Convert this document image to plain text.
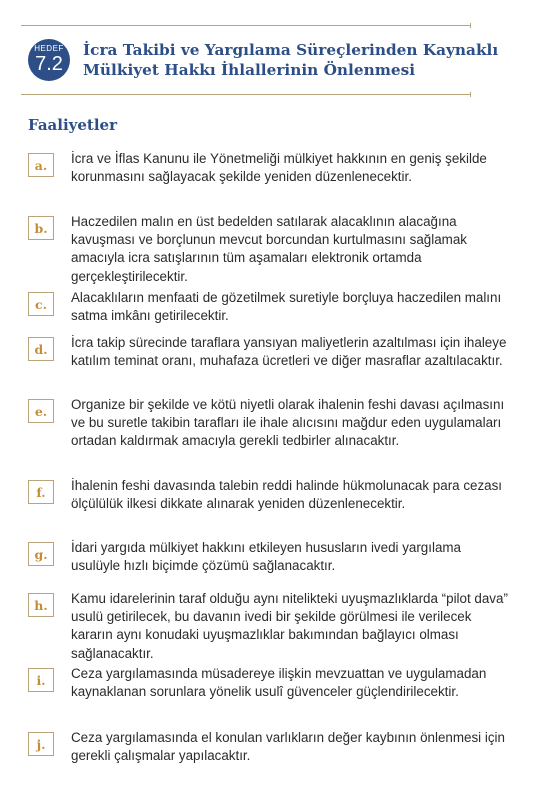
HEDEF
7.2
İcra Takibi ve Yargılama Süreçlerinden Kaynaklı Mülkiyet Hakkı İhlallerinin Önlenmesi
Faaliyetler
a.	İcra ve İflas Kanunu ile Yönetmeliği mülkiyet hakkının en geniş şekilde korunmasını sağlayacak şekilde yeniden düzenlenecektir.
b.	Haczedilen malın en üst bedelden satılarak alacaklının alacağına kavuşması ve borçlunun mevcut borcundan kurtulmasını sağlamak amacıyla icra satışlarının tüm aşamaları elektronik ortamda gerçekleştirilecektir.
c.	Alacaklıların menfaati de gözetilmek suretiyle borçluya haczedilen malını satma imkânı getirilecektir.
d.	İcra takip sürecinde taraflara yansıyan maliyetlerin azaltılması için ihaleye katılım teminat oranı, muhafaza ücretleri ve diğer masraflar azaltılacaktır.
e.	Organize bir şekilde ve kötü niyetli olarak ihalenin feshi davası açılmasını ve bu suretle takibin tarafları ile ihale alıcısını mağdur eden uygulamaları ortadan kaldırmak amacıyla gerekli tedbirler alınacaktır.
f.	İhalenin feshi davasında talebin reddi halinde hükmolunacak para cezası ölçülülük ilkesi dikkate alınarak yeniden düzenlenecektir.
g.	İdari yargıda mülkiyet hakkını etkileyen hususların ivedi yargılama usulüyle hızlı biçimde çözümü sağlanacaktır.
h.	Kamu idarelerinin taraf olduğu aynı nitelikteki uyuşmazlıklarda “pilot dava” usulü getirilecek, bu davanın ivedi bir şekilde görülmesi ile verilecek kararın aynı konudaki uyuşmazlıklar bakımından bağlayıcı olması sağlanacaktır.
i.	Ceza yargılamasında müsadereye ilişkin mevzuattan ve uygulamadan kaynaklanan sorunlara yönelik usulî güvenceler güçlendirilecektir.
j.	Ceza yargılamasında el konulan varlıkların değer kaybının önlenmesi için gerekli çalışmalar yapılacaktır.
